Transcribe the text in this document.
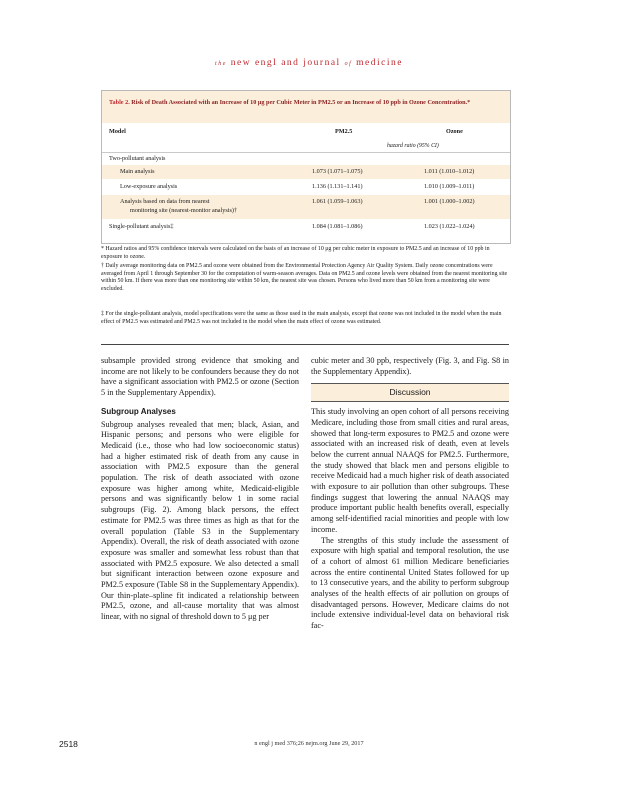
the new engl and journal of medicine
Table 2. Risk of Death Associated with an Increase of 10 μg per Cubic Meter in PM2.5 or an Increase of 10 ppb in Ozone Concentration.*
Model	PM2.5	Ozone
hazard ratio (95% CI)
Two-pollutant analysis
Main analysis	1.073 (1.071–1.075)	1.011 (1.010–1.012)
Low-exposure analysis	1.136 (1.131–1.141)	1.010 (1.009–1.011)
Analysis based on data from nearest
monitoring site (nearest-monitor analysis)†
1.061 (1.059–1.063)	1.001 (1.000–1.002)
Single-pollutant analysis‡	1.084 (1.081–1.086)	1.023 (1.022–1.024)
* Hazard ratios and 95% confidence intervals were calculated on the basis of an increase of 10 μg per cubic meter in exposure to PM2.5 and an increase of 10 ppb in exposure to ozone.
† Daily average monitoring data on PM2.5 and ozone were obtained from the Environmental Protection Agency Air Quality System. Daily ozone concentrations were averaged from April 1 through September 30 for the computation of warm-season averages. Data on PM2.5 and ozone levels were obtained from the nearest monitoring site within 50 km. If there was more than one monitoring site within 50 km, the nearest site was chosen. Persons who lived more than 50 km from a monitoring site were excluded.
‡ For the single-pollutant analysis, model specifications were the same as those used in the main analysis, except that ozone was not included in the model when the main effect of PM2.5 was estimated and PM2.5 was not included in the model when the main effect of ozone was estimated.

subsample provided strong evidence that smoking and income are not likely to be confounders because they do not have a significant association with PM2.5 or ozone (Section 5 in the Supplementary Appendix).

Subgroup Analyses

Subgroup analyses revealed that men; black, Asian, and Hispanic persons; and persons who were eligible for Medicaid (i.e., those who had low socioeconomic status) had a higher estimated risk of death from any cause in association with PM2.5 exposure than the general population. The risk of death associated with ozone exposure was higher among white, Medicaid-eligible persons and was significantly below 1 in some racial subgroups (Fig. 2). Among black persons, the effect estimate for PM2.5 was three times as high as that for the overall population (Table S3 in the Supplementary Appendix). Overall, the risk of death associated with ozone exposure was smaller and somewhat less robust than that associated with PM2.5 exposure. We also detected a small but significant interaction between ozone exposure and PM2.5 exposure (Table S8 in the Supplementary Appendix). Our thin-plate–spline fit indicated a relationship between PM2.5, ozone, and all-cause mortality that was almost linear, with no signal of threshold down to 5 μg per

cubic meter and 30 ppb, respectively (Fig. 3, and Fig. S8 in the Supplementary Appendix).

Discussion

This study involving an open cohort of all persons receiving Medicare, including those from small cities and rural areas, showed that long-term exposures to PM2.5 and ozone were associated with an increased risk of death, even at levels below the current annual NAAQS for PM2.5. Furthermore, the study showed that black men and persons eligible to receive Medicaid had a much higher risk of death associated with exposure to air pollution than other subgroups. These findings suggest that lowering the annual NAAQS may produce important public health benefits overall, especially among self-identified racial minorities and people with low income.

The strengths of this study include the assessment of exposure with high spatial and temporal resolution, the use of a cohort of almost 61 million Medicare beneficiaries across the entire continental United States followed for up to 13 consecutive years, and the ability to perform subgroup analyses of the health effects of air pollution on groups of disadvantaged persons. However, Medicare claims do not include extensive individual-level data on behavioral risk fac-

2518	n engl j med 376;26 nejm.org June 29, 2017
